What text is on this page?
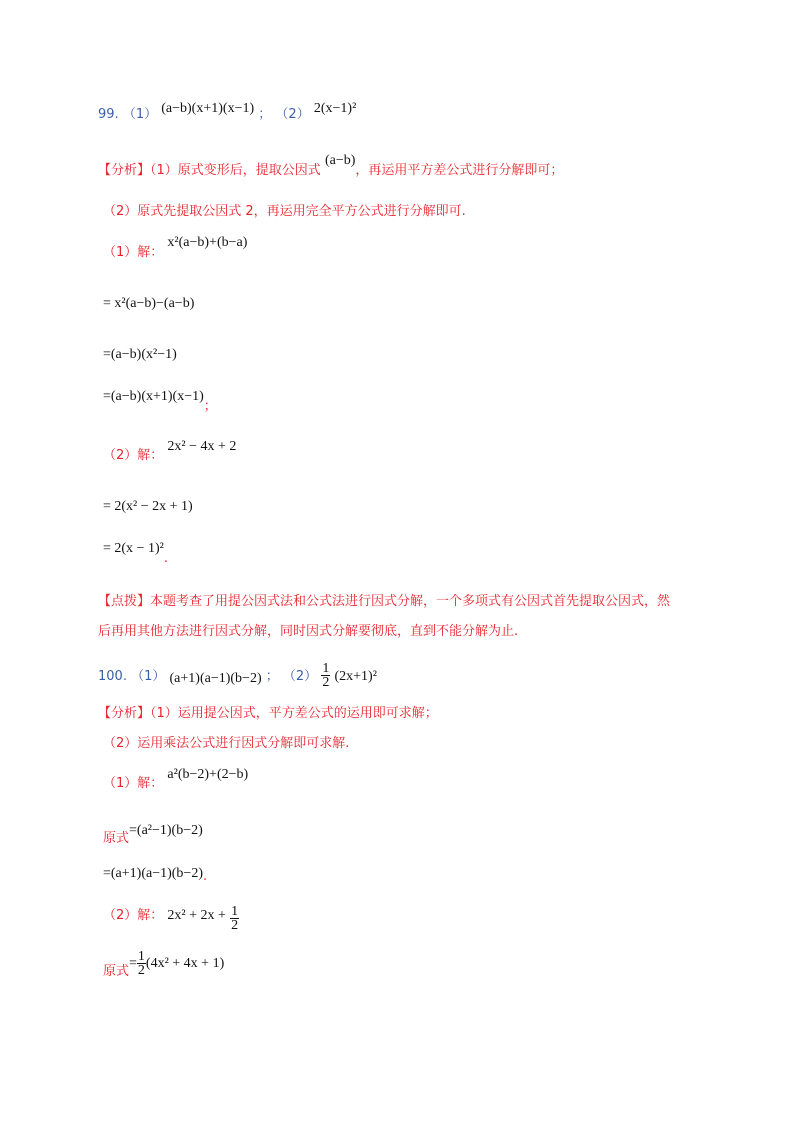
99. （1） (a−b)(x+1)(x−1) ； （2） 2(x−1)²
【分析】（1）原式变形后，提取公因式 (a−b)，再运用平方差公式进行分解即可；
（2）原式先提取公因式 2，再运用完全平方公式进行分解即可.
（1）解： x²(a−b)+(b−a)
= x²(a−b)−(a−b)
=(a−b)(x²−1)
=(a−b)(x+1)(x−1)；
（2）解： 2x² − 4x + 2
= 2(x² − 2x + 1)
= 2(x − 1)².
【点拨】本题考查了用提公因式法和公式法进行因式分解，一个多项式有公因式首先提取公因式，然
后再用其他方法进行因式分解，同时因式分解要彻底，直到不能分解为止.
100. （1） (a+1)(a−1)(b−2) ； $(2) \frac{1}{2} (2x+1)^2$
【分析】（1）运用提公因式，平方差公式的运用即可求解；
（2）运用乘法公式进行因式分解即可求解.
（1）解： a²(b−2)+(2−b)
原式=(a²−1)(b−2)
=(a+1)(a−1)(b−2).
（2）解： $2x^2 + 2x + \frac{1}{2}$
原式= $\frac{1}{2} (4x^2 + 4x + 1)$
